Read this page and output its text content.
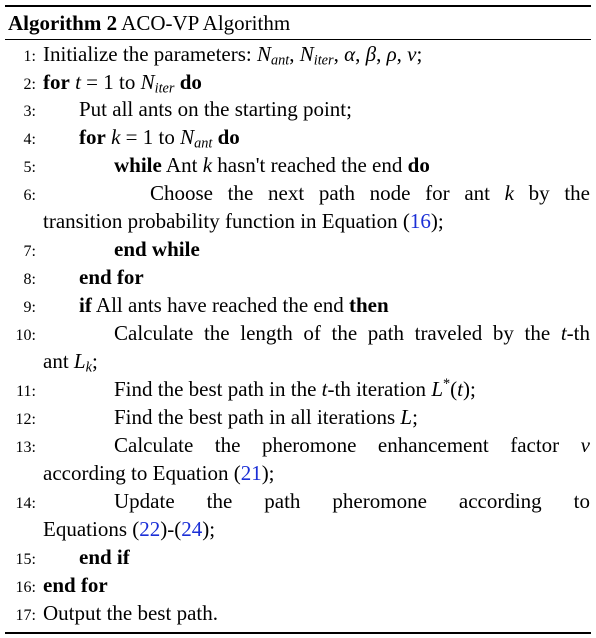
Algorithm 2 ACO-VP Algorithm
1: Initialize the parameters: $N_{ant}$, $N_{iter}$, α, β, ρ, ν;
2: for t = 1 to $N_{iter}$ do
3: Put all ants on the starting point;
4: for k = 1 to $N_{ant}$ do
5:	while Ant k hasn't reached the end do
6:	Choose the next path node for ant k by the
transition probability function in Equation (16);
7:	end while
8: end for
9: if All ants have reached the end then
10:	Calculate the length of the path traveled by the t-th
ant $L_k$;
11:	Find the best path in the t-th iteration L*(t);
12:	Find the best path in all iterations L;
13:	Calculate the pheromone enhancement factor ν
according to Equation (21);
14:	Update the path pheromone according to
Equations (22)-(24);
15: end if
16: end for
17: Output the best path.
